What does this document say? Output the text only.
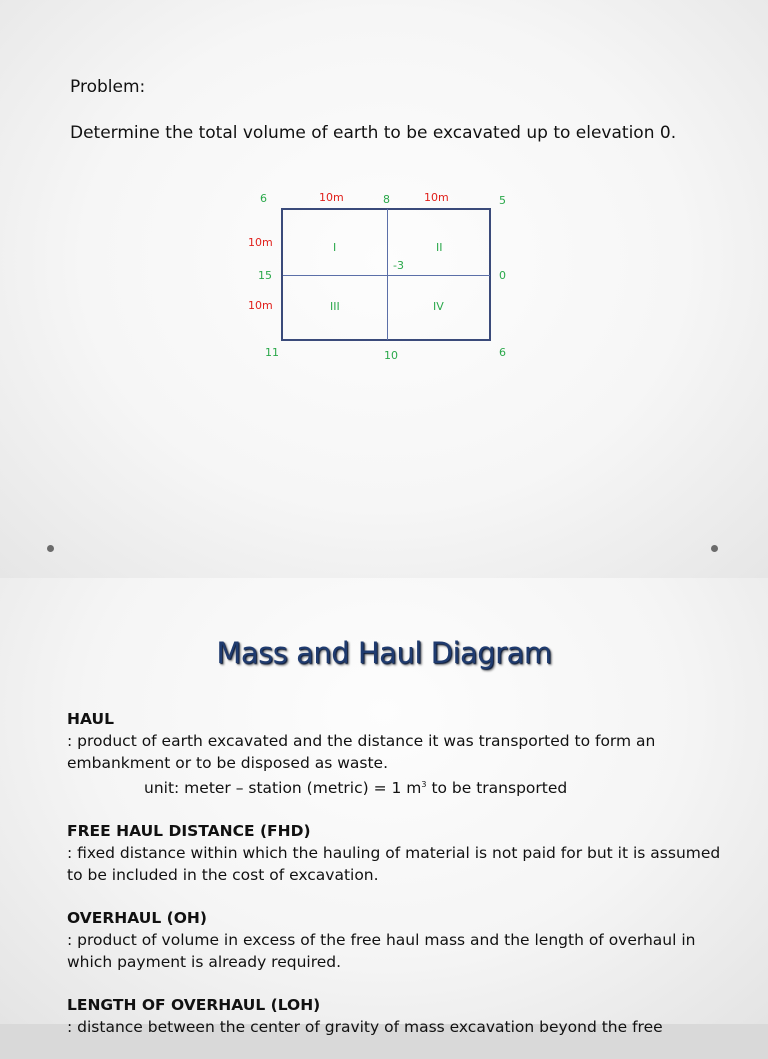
Problem:
Determine the total volume of earth to be excavated up to elevation 0.
6	8	5
10m	10m
10m
15
10m
-3
0
I	II
III	IV
11	10	6
Mass and Haul Diagram
HAUL

: product of earth excavated and the distance it was transported to form an embankment or to be disposed as waste.

unit: meter – station (metric) = 1 $m^3$ to be transported

FREE HAUL DISTANCE (FHD)

: fixed distance within which the hauling of material is not paid for but it is assumed to be included in the cost of excavation.

OVERHAUL (OH)

: product of volume in excess of the free haul mass and the length of overhaul in which payment is already required.

LENGTH OF OVERHAUL (LOH)

: distance between the center of gravity of mass excavation beyond the free
